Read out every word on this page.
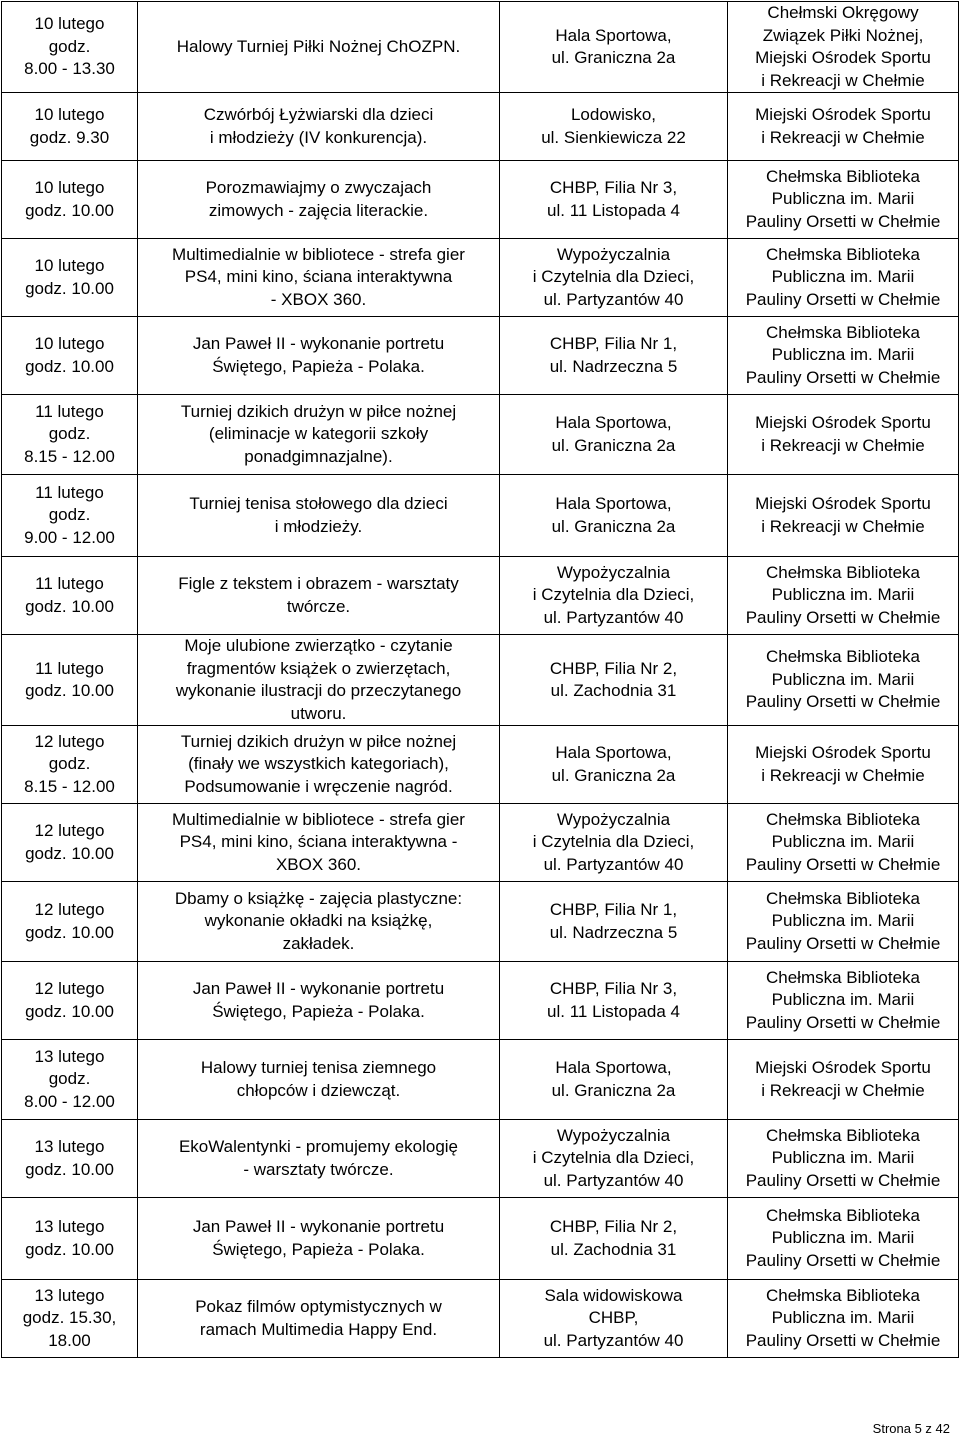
10 lutego
godz.
8.00 - 13.30	Halowy Turniej Piłki Nożnej ChOZPN.	Hala Sportowa,
ul. Graniczna 2a	Chełmski Okręgowy
Związek Piłki Nożnej,
Miejski Ośrodek Sportu
i Rekreacji w Chełmie

10 lutego
godz. 9.30	Czwórbój Łyżwiarski dla dzieci
i młodzieży (IV konkurencja).	Lodowisko,
ul. Sienkiewicza 22	Miejski Ośrodek Sportu
i Rekreacji w Chełmie

10 lutego
godz. 10.00	Porozmawiajmy o zwyczajach
zimowych - zajęcia literackie.	CHBP, Filia Nr 3,
ul. 11 Listopada 4	Chełmska Biblioteka
Publiczna im. Marii
Pauliny Orsetti w Chełmie

10 lutego
godz. 10.00	Multimedialnie w bibliotece - strefa gier
PS4, mini kino, ściana interaktywna
- XBOX 360.	Wypożyczalnia
i Czytelnia dla Dzieci,
ul. Partyzantów 40	Chełmska Biblioteka
Publiczna im. Marii
Pauliny Orsetti w Chełmie

10 lutego
godz. 10.00	Jan Paweł II - wykonanie portretu
Świętego, Papieża - Polaka.	CHBP, Filia Nr 1,
ul. Nadrzeczna 5	Chełmska Biblioteka
Publiczna im. Marii
Pauliny Orsetti w Chełmie

11 lutego
godz.
8.15 - 12.00	Turniej dzikich drużyn w piłce nożnej
(eliminacje w kategorii szkoły
ponadgimnazjalne).	Hala Sportowa,
ul. Graniczna 2a	Miejski Ośrodek Sportu
i Rekreacji w Chełmie

11 lutego
godz.
9.00 - 12.00	Turniej tenisa stołowego dla dzieci
i młodzieży.	Hala Sportowa,
ul. Graniczna 2a	Miejski Ośrodek Sportu
i Rekreacji w Chełmie

11 lutego
godz. 10.00	Figle z tekstem i obrazem - warsztaty
twórcze.	Wypożyczalnia
i Czytelnia dla Dzieci,
ul. Partyzantów 40	Chełmska Biblioteka
Publiczna im. Marii
Pauliny Orsetti w Chełmie

11 lutego
godz. 10.00	Moje ulubione zwierzątko - czytanie
fragmentów książek o zwierzętach,
wykonanie ilustracji do przeczytanego
utworu.	CHBP, Filia Nr 2,
ul. Zachodnia 31	Chełmska Biblioteka
Publiczna im. Marii
Pauliny Orsetti w Chełmie

12 lutego
godz.
8.15 - 12.00	Turniej dzikich drużyn w piłce nożnej
(finały we wszystkich kategoriach),
Podsumowanie i wręczenie nagród.	Hala Sportowa,
ul. Graniczna 2a	Miejski Ośrodek Sportu
i Rekreacji w Chełmie

12 lutego
godz. 10.00	Multimedialnie w bibliotece - strefa gier
PS4, mini kino, ściana interaktywna -
XBOX 360.	Wypożyczalnia
i Czytelnia dla Dzieci,
ul. Partyzantów 40	Chełmska Biblioteka
Publiczna im. Marii
Pauliny Orsetti w Chełmie

12 lutego
godz. 10.00	Dbamy o książkę - zajęcia plastyczne:
wykonanie okładki na książkę,
zakładek.	CHBP, Filia Nr 1,
ul. Nadrzeczna 5	Chełmska Biblioteka
Publiczna im. Marii
Pauliny Orsetti w Chełmie

12 lutego
godz. 10.00	Jan Paweł II - wykonanie portretu
Świętego, Papieża - Polaka.	CHBP, Filia Nr 3,
ul. 11 Listopada 4	Chełmska Biblioteka
Publiczna im. Marii
Pauliny Orsetti w Chełmie

13 lutego
godz.
8.00 - 12.00	Halowy turniej tenisa ziemnego
chłopców i dziewcząt.	Hala Sportowa,
ul. Graniczna 2a	Miejski Ośrodek Sportu
i Rekreacji w Chełmie

13 lutego
godz. 10.00	EkoWalentynki - promujemy ekologię
- warsztaty twórcze.	Wypożyczalnia
i Czytelnia dla Dzieci,
ul. Partyzantów 40	Chełmska Biblioteka
Publiczna im. Marii
Pauliny Orsetti w Chełmie

13 lutego
godz. 10.00	Jan Paweł II - wykonanie portretu
Świętego, Papieża - Polaka.	CHBP, Filia Nr 2,
ul. Zachodnia 31	Chełmska Biblioteka
Publiczna im. Marii
Pauliny Orsetti w Chełmie

13 lutego
godz. 15.30,
18.00	Pokaz filmów optymistycznych w
ramach Multimedia Happy End.	Sala widowiskowa
CHBP,
ul. Partyzantów 40	Chełmska Biblioteka
Publiczna im. Marii
Pauliny Orsetti w Chełmie
Strona 5 z 42
